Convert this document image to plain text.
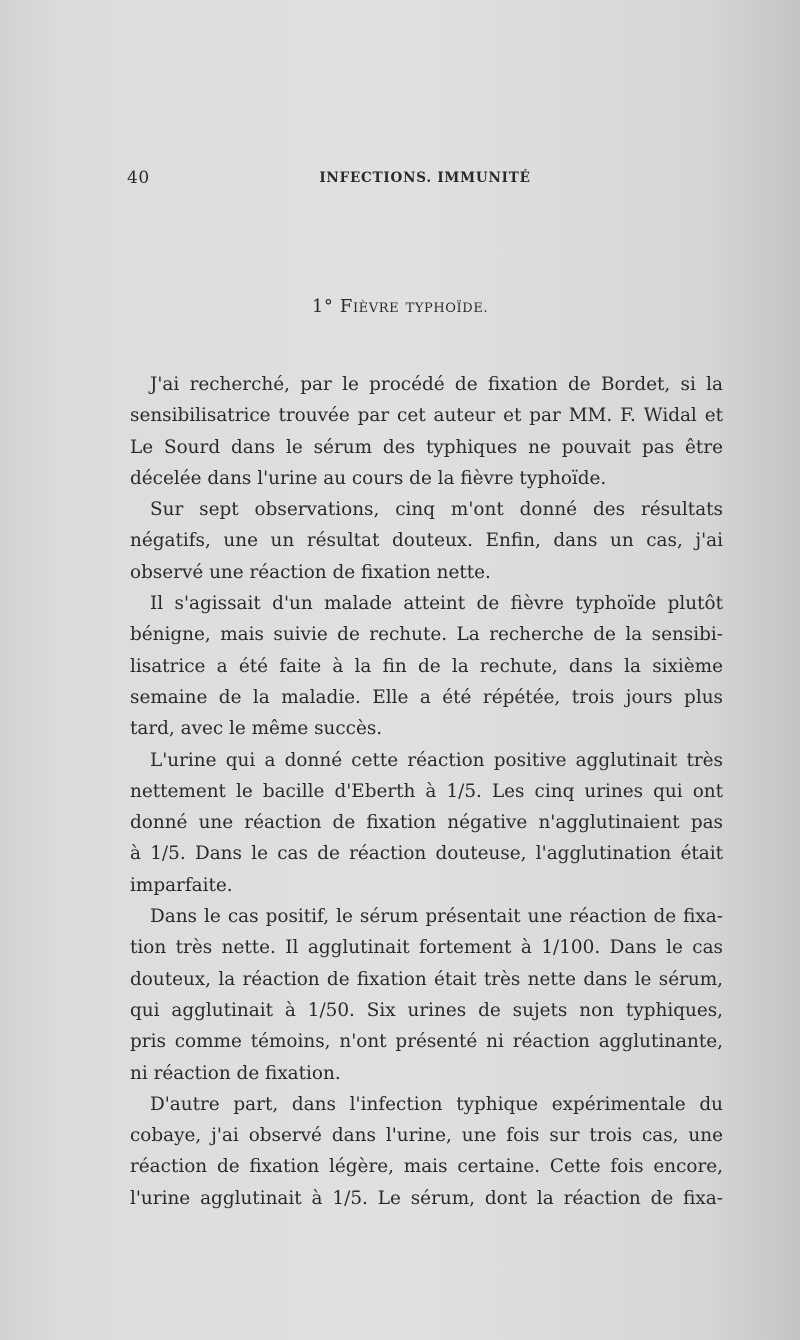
40	INFECTIONS. IMMUNITÉ
1° FIÈVRE TYPHOÏDE.
J'ai recherché, par le procédé de fixation de Bordet, si la
sensibilisatrice trouvée par cet auteur et par MM. F. Widal et
Le Sourd dans le sérum des typhiques ne pouvait pas être
décelée dans l'urine au cours de la fièvre typhoïde.
Sur sept observations, cinq m'ont donné des résultats
négatifs, une un résultat douteux. Enfin, dans un cas, j'ai
observé une réaction de fixation nette.
Il s'agissait d'un malade atteint de fièvre typhoïde plutôt
bénigne, mais suivie de rechute. La recherche de la sensibi-
lisatrice a été faite à la fin de la rechute, dans la sixième
semaine de la maladie. Elle a été répétée, trois jours plus
tard, avec le même succès.
L'urine qui a donné cette réaction positive agglutinait très
nettement le bacille d'Eberth à 1/5. Les cinq urines qui ont
donné une réaction de fixation négative n'agglutinaient pas
à 1/5. Dans le cas de réaction douteuse, l'agglutination était
imparfaite.
Dans le cas positif, le sérum présentait une réaction de fixa-
tion très nette. Il agglutinait fortement à 1/100. Dans le cas
douteux, la réaction de fixation était très nette dans le sérum,
qui agglutinait à 1/50. Six urines de sujets non typhiques,
pris comme témoins, n'ont présenté ni réaction agglutinante,
ni réaction de fixation.
D'autre part, dans l'infection typhique expérimentale du
cobaye, j'ai observé dans l'urine, une fois sur trois cas, une
réaction de fixation légère, mais certaine. Cette fois encore,
l'urine agglutinait à 1/5. Le sérum, dont la réaction de fixa-
